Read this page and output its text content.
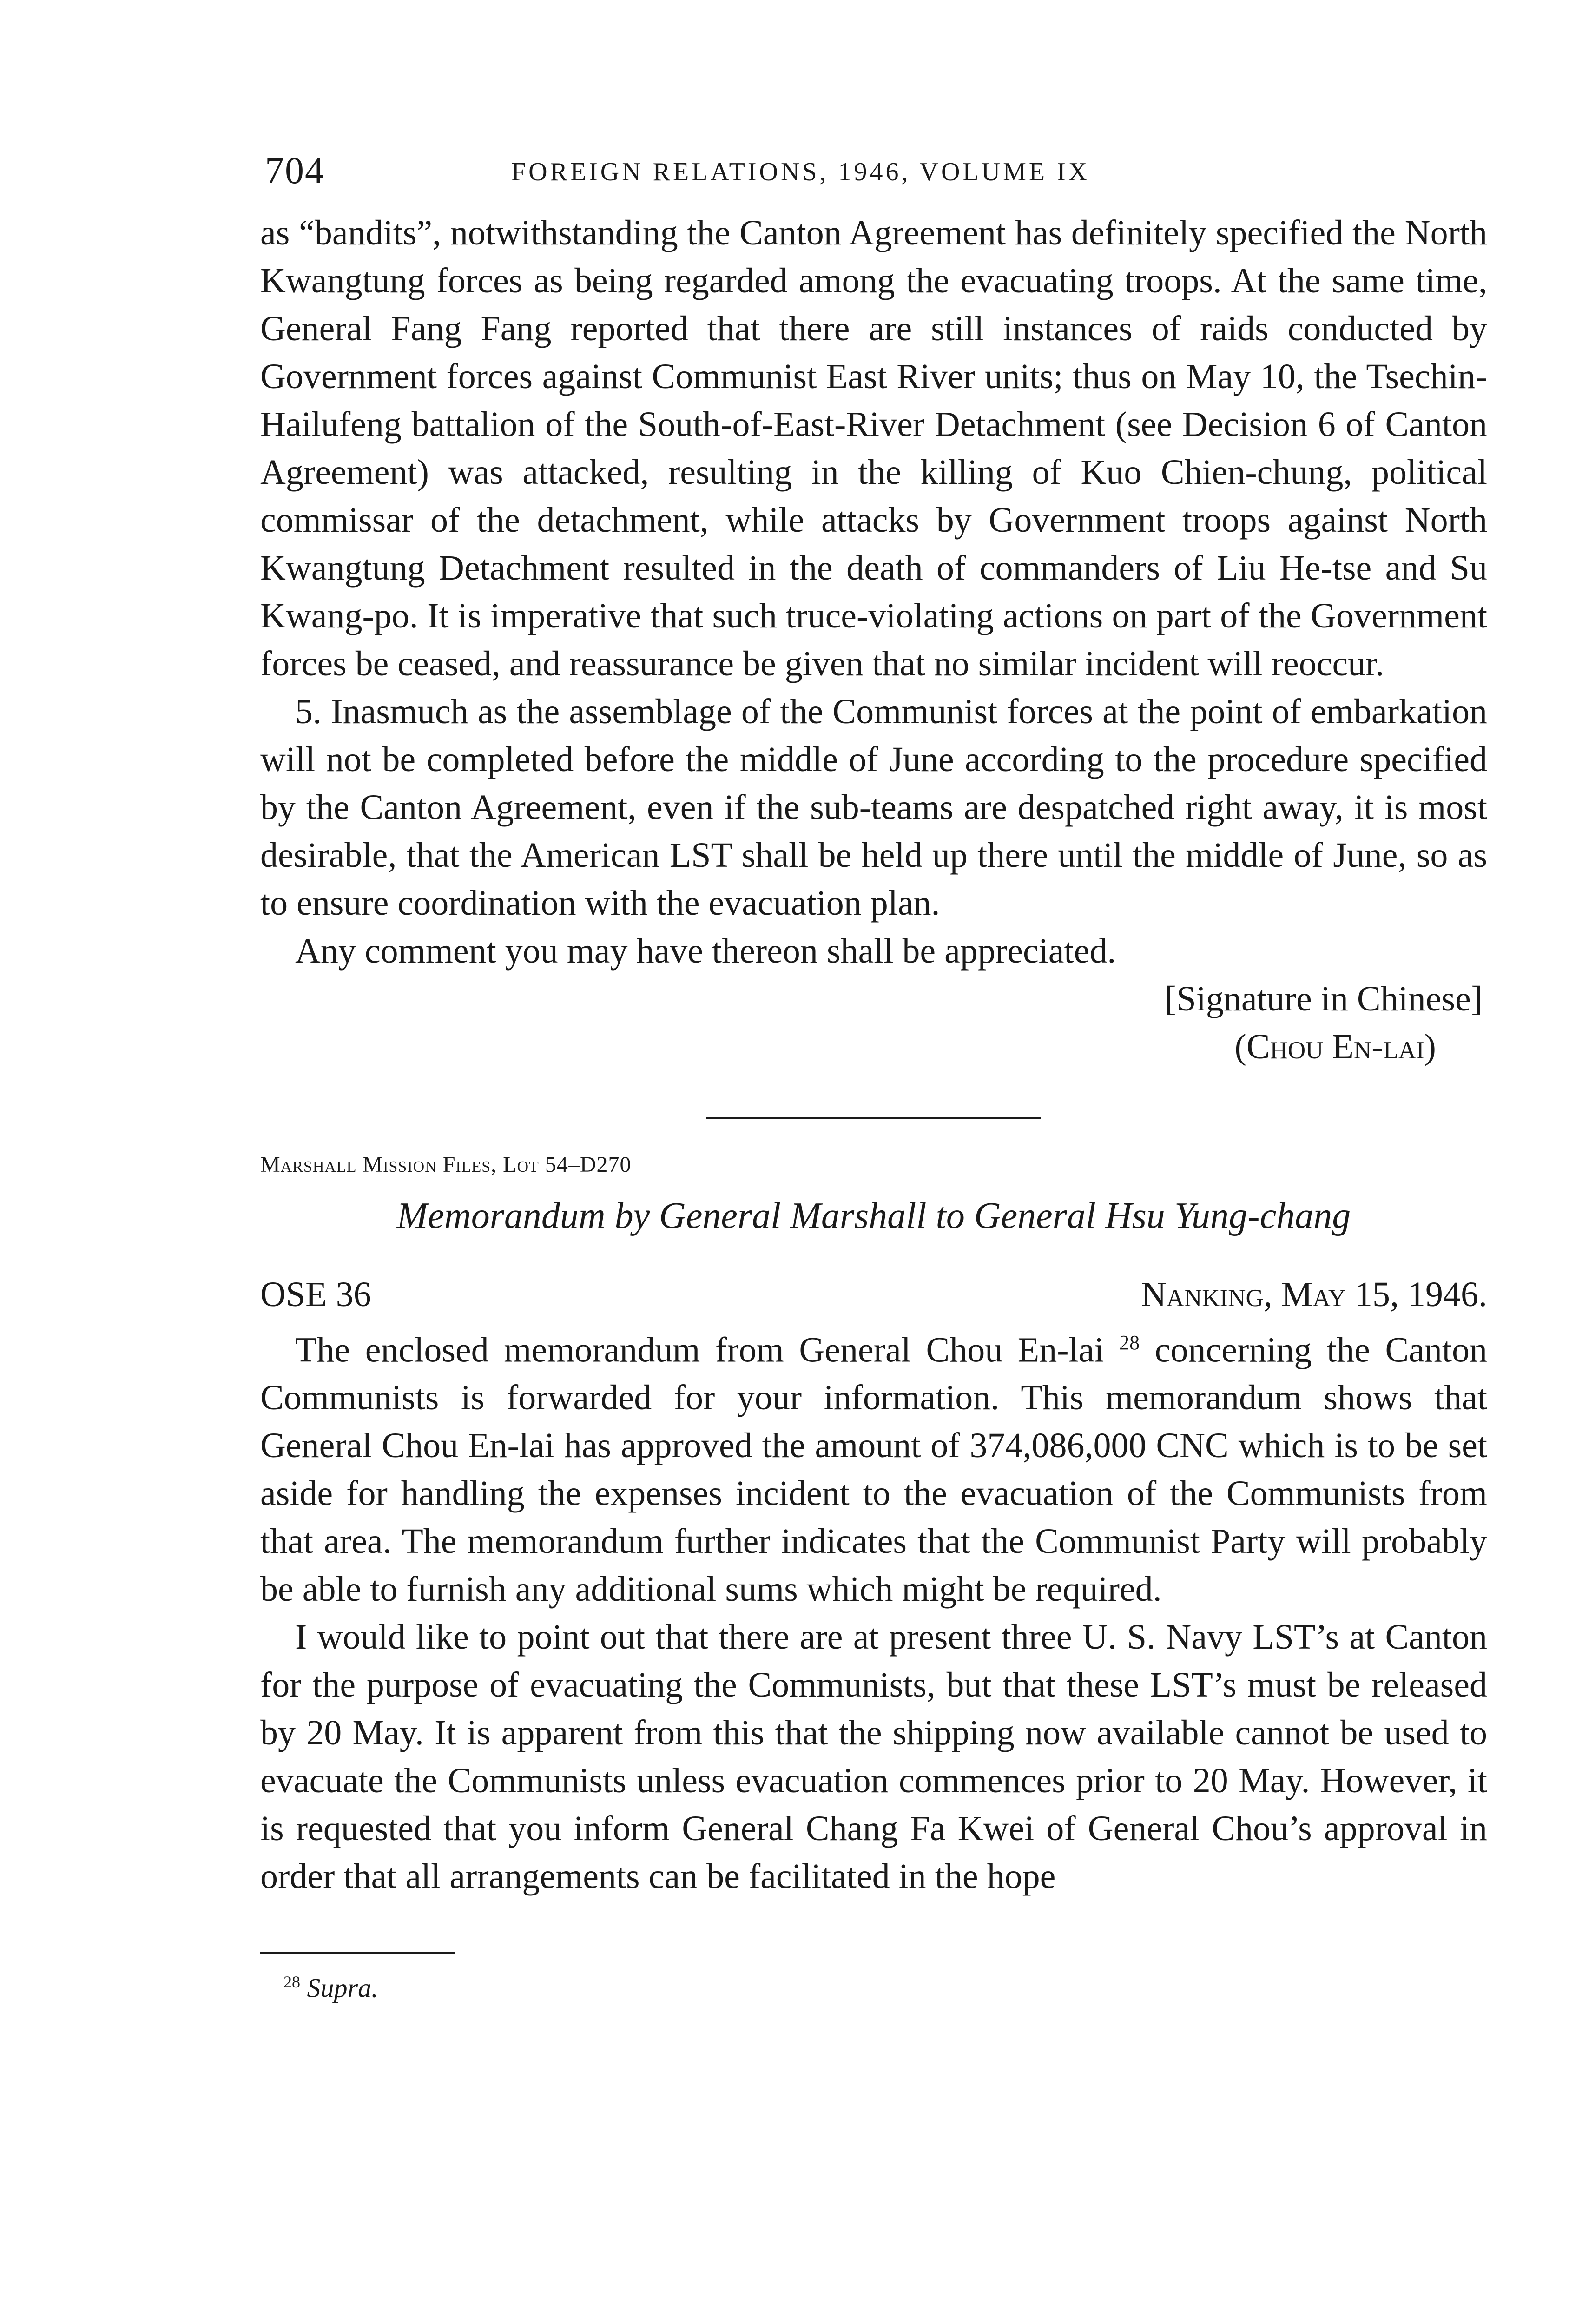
704	FOREIGN RELATIONS, 1946, VOLUME IX

as “bandits”, notwithstanding the Canton Agreement has definitely specified the North Kwangtung forces as being regarded among the evacuating troops. At the same time, General Fang Fang reported that there are still instances of raids conducted by Government forces against Communist East River units; thus on May 10, the Tsechin-Hailufeng battalion of the South-of-East-River Detachment (see Decision 6 of Canton Agreement) was attacked, resulting in the killing of Kuo Chien-chung, political commissar of the detachment, while attacks by Government troops against North Kwangtung Detachment resulted in the death of commanders of Liu He-tse and Su Kwang-po. It is imperative that such truce-violating actions on part of the Government forces be ceased, and reassurance be given that no similar incident will reoccur.

5. Inasmuch as the assemblage of the Communist forces at the point of embarkation will not be completed before the middle of June according to the procedure specified by the Canton Agreement, even if the sub-teams are despatched right away, it is most desirable, that the American LST shall be held up there until the middle of June, so as to ensure coordination with the evacuation plan.

Any comment you may have thereon shall be appreciated.

[Signature in Chinese]

(Chou En-lai)

Marshall Mission Files, Lot 54–D270

Memorandum by General Marshall to General Hsu Yung-chang

OSE 36	Nanking, May 15, 1946.

The enclosed memorandum from General Chou En-lai $^{28}$ concerning the Canton Communists is forwarded for your information. This memorandum shows that General Chou En-lai has approved the amount of 374,086,000 CNC which is to be set aside for handling the expenses incident to the evacuation of the Communists from that area. The memorandum further indicates that the Communist Party will probably be able to furnish any additional sums which might be required.

I would like to point out that there are at present three U. S. Navy LST’s at Canton for the purpose of evacuating the Communists, but that these LST’s must be released by 20 May. It is apparent from this that the shipping now available cannot be used to evacuate the Communists unless evacuation commences prior to 20 May. However, it is requested that you inform General Chang Fa Kwei of General Chou’s approval in order that all arrangements can be facilitated in the hope

$^{28}$ Supra.
